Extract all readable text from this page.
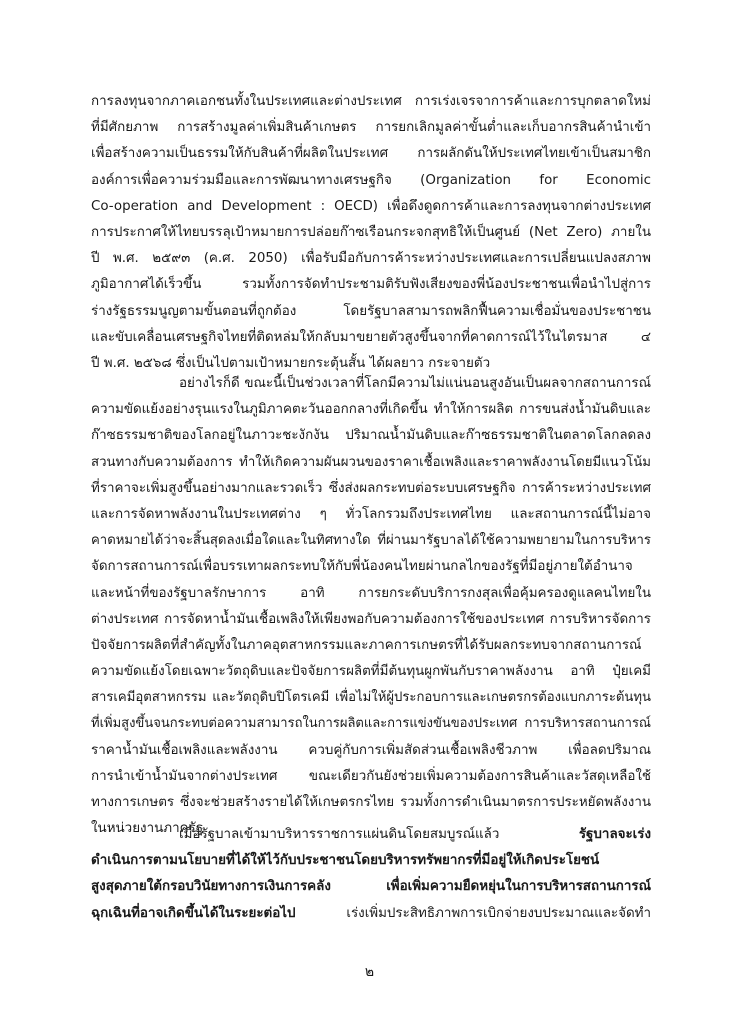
การลงทุนจากภาคเอกชนทั้งในประเทศและต่างประเทศ การเร่งเจรจาการค้าและการบุกตลาดใหม่
ที่มีศักยภาพ การสร้างมูลค่าเพิ่มสินค้าเกษตร การยกเลิกมูลค่าขั้นต่ำและเก็บอากรสินค้านำเข้า
เพื่อสร้างความเป็นธรรมให้กับสินค้าที่ผลิตในประเทศ การผลักดันให้ประเทศไทยเข้าเป็นสมาชิก
องค์การเพื่อความร่วมมือและการพัฒนาทางเศรษฐกิจ (Organization for Economic
Co-operation and Development : OECD) เพื่อดึงดูดการค้าและการลงทุนจากต่างประเทศ
การประกาศให้ไทยบรรลุเป้าหมายการปล่อยก๊าซเรือนกระจกสุทธิให้เป็นศูนย์ (Net Zero) ภายใน
ปี พ.ศ. ๒๕๙๓ (ค.ศ. 2050) เพื่อรับมือกับการค้าระหว่างประเทศและการเปลี่ยนแปลงสภาพ
ภูมิอากาศได้เร็วขึ้น รวมทั้งการจัดทำประชามติรับฟังเสียงของพี่น้องประชาชนเพื่อนำไปสู่การ
ร่างรัฐธรรมนูญตามขั้นตอนที่ถูกต้อง โดยรัฐบาลสามารถพลิกฟื้นความเชื่อมั่นของประชาชน
และขับเคลื่อนเศรษฐกิจไทยที่ติดหล่มให้กลับมาขยายตัวสูงขึ้นจากที่คาดการณ์ไว้ในไตรมาส ๔
ปี พ.ศ. ๒๕๖๘ ซึ่งเป็นไปตามเป้าหมายกระตุ้นสั้น ได้ผลยาว กระจายตัว
อย่างไรก็ดี ขณะนี้เป็นช่วงเวลาที่โลกมีความไม่แน่นอนสูงอันเป็นผลจากสถานการณ์
ความขัดแย้งอย่างรุนแรงในภูมิภาคตะวันออกกลางที่เกิดขึ้น ทำให้การผลิต การขนส่งน้ำมันดิบและ
ก๊าซธรรมชาติของโลกอยู่ในภาวะชะงักงัน ปริมาณน้ำมันดิบและก๊าซธรรมชาติในตลาดโลกลดลง
สวนทางกับความต้องการ ทำให้เกิดความผันผวนของราคาเชื้อเพลิงและราคาพลังงานโดยมีแนวโน้ม
ที่ราคาจะเพิ่มสูงขึ้นอย่างมากและรวดเร็ว ซึ่งส่งผลกระทบต่อระบบเศรษฐกิจ การค้าระหว่างประเทศ
และการจัดหาพลังงานในประเทศต่าง ๆ ทั่วโลกรวมถึงประเทศไทย และสถานการณ์นี้ไม่อาจ
คาดหมายได้ว่าจะสิ้นสุดลงเมื่อใดและในทิศทางใด ที่ผ่านมารัฐบาลได้ใช้ความพยายามในการบริหาร
จัดการสถานการณ์เพื่อบรรเทาผลกระทบให้กับพี่น้องคนไทยผ่านกลไกของรัฐที่มีอยู่ภายใต้อำนาจ
และหน้าที่ของรัฐบาลรักษาการ อาทิ การยกระดับบริการกงสุลเพื่อคุ้มครองดูแลคนไทยใน
ต่างประเทศ การจัดหาน้ำมันเชื้อเพลิงให้เพียงพอกับความต้องการใช้ของประเทศ การบริหารจัดการ
ปัจจัยการผลิตที่สำคัญทั้งในภาคอุตสาหกรรมและภาคการเกษตรที่ได้รับผลกระทบจากสถานการณ์
ความขัดแย้งโดยเฉพาะวัตถุดิบและปัจจัยการผลิตที่มีต้นทุนผูกพันกับราคาพลังงาน อาทิ ปุ๋ยเคมี
สารเคมีอุตสาหกรรม และวัตถุดิบปิโตรเคมี เพื่อไม่ให้ผู้ประกอบการและเกษตรกรต้องแบกภาระต้นทุน
ที่เพิ่มสูงขึ้นจนกระทบต่อความสามารถในการผลิตและการแข่งขันของประเทศ การบริหารสถานการณ์
ราคาน้ำมันเชื้อเพลิงและพลังงาน ควบคู่กับการเพิ่มสัดส่วนเชื้อเพลิงชีวภาพ เพื่อลดปริมาณ
การนำเข้าน้ำมันจากต่างประเทศ ขณะเดียวกันยังช่วยเพิ่มความต้องการสินค้าและวัสดุเหลือใช้
ทางการเกษตร ซึ่งจะช่วยสร้างรายได้ให้เกษตรกรไทย รวมทั้งการดำเนินมาตรการประหยัดพลังงาน
ในหน่วยงานภาครัฐ
เมื่อรัฐบาลเข้ามาบริหารราชการแผ่นดินโดยสมบูรณ์แล้ว รัฐบาลจะเร่ง
ดำเนินการตามนโยบายที่ได้ให้ไว้กับประชาชนโดยบริหารทรัพยากรที่มีอยู่ให้เกิดประโยชน์
สูงสุดภายใต้กรอบวินัยทางการเงินการคลัง เพื่อเพิ่มความยืดหยุ่นในการบริหารสถานการณ์
ฉุกเฉินที่อาจเกิดขึ้นได้ในระยะต่อไป เร่งเพิ่มประสิทธิภาพการเบิกจ่ายงบประมาณและจัดทำ
๒
